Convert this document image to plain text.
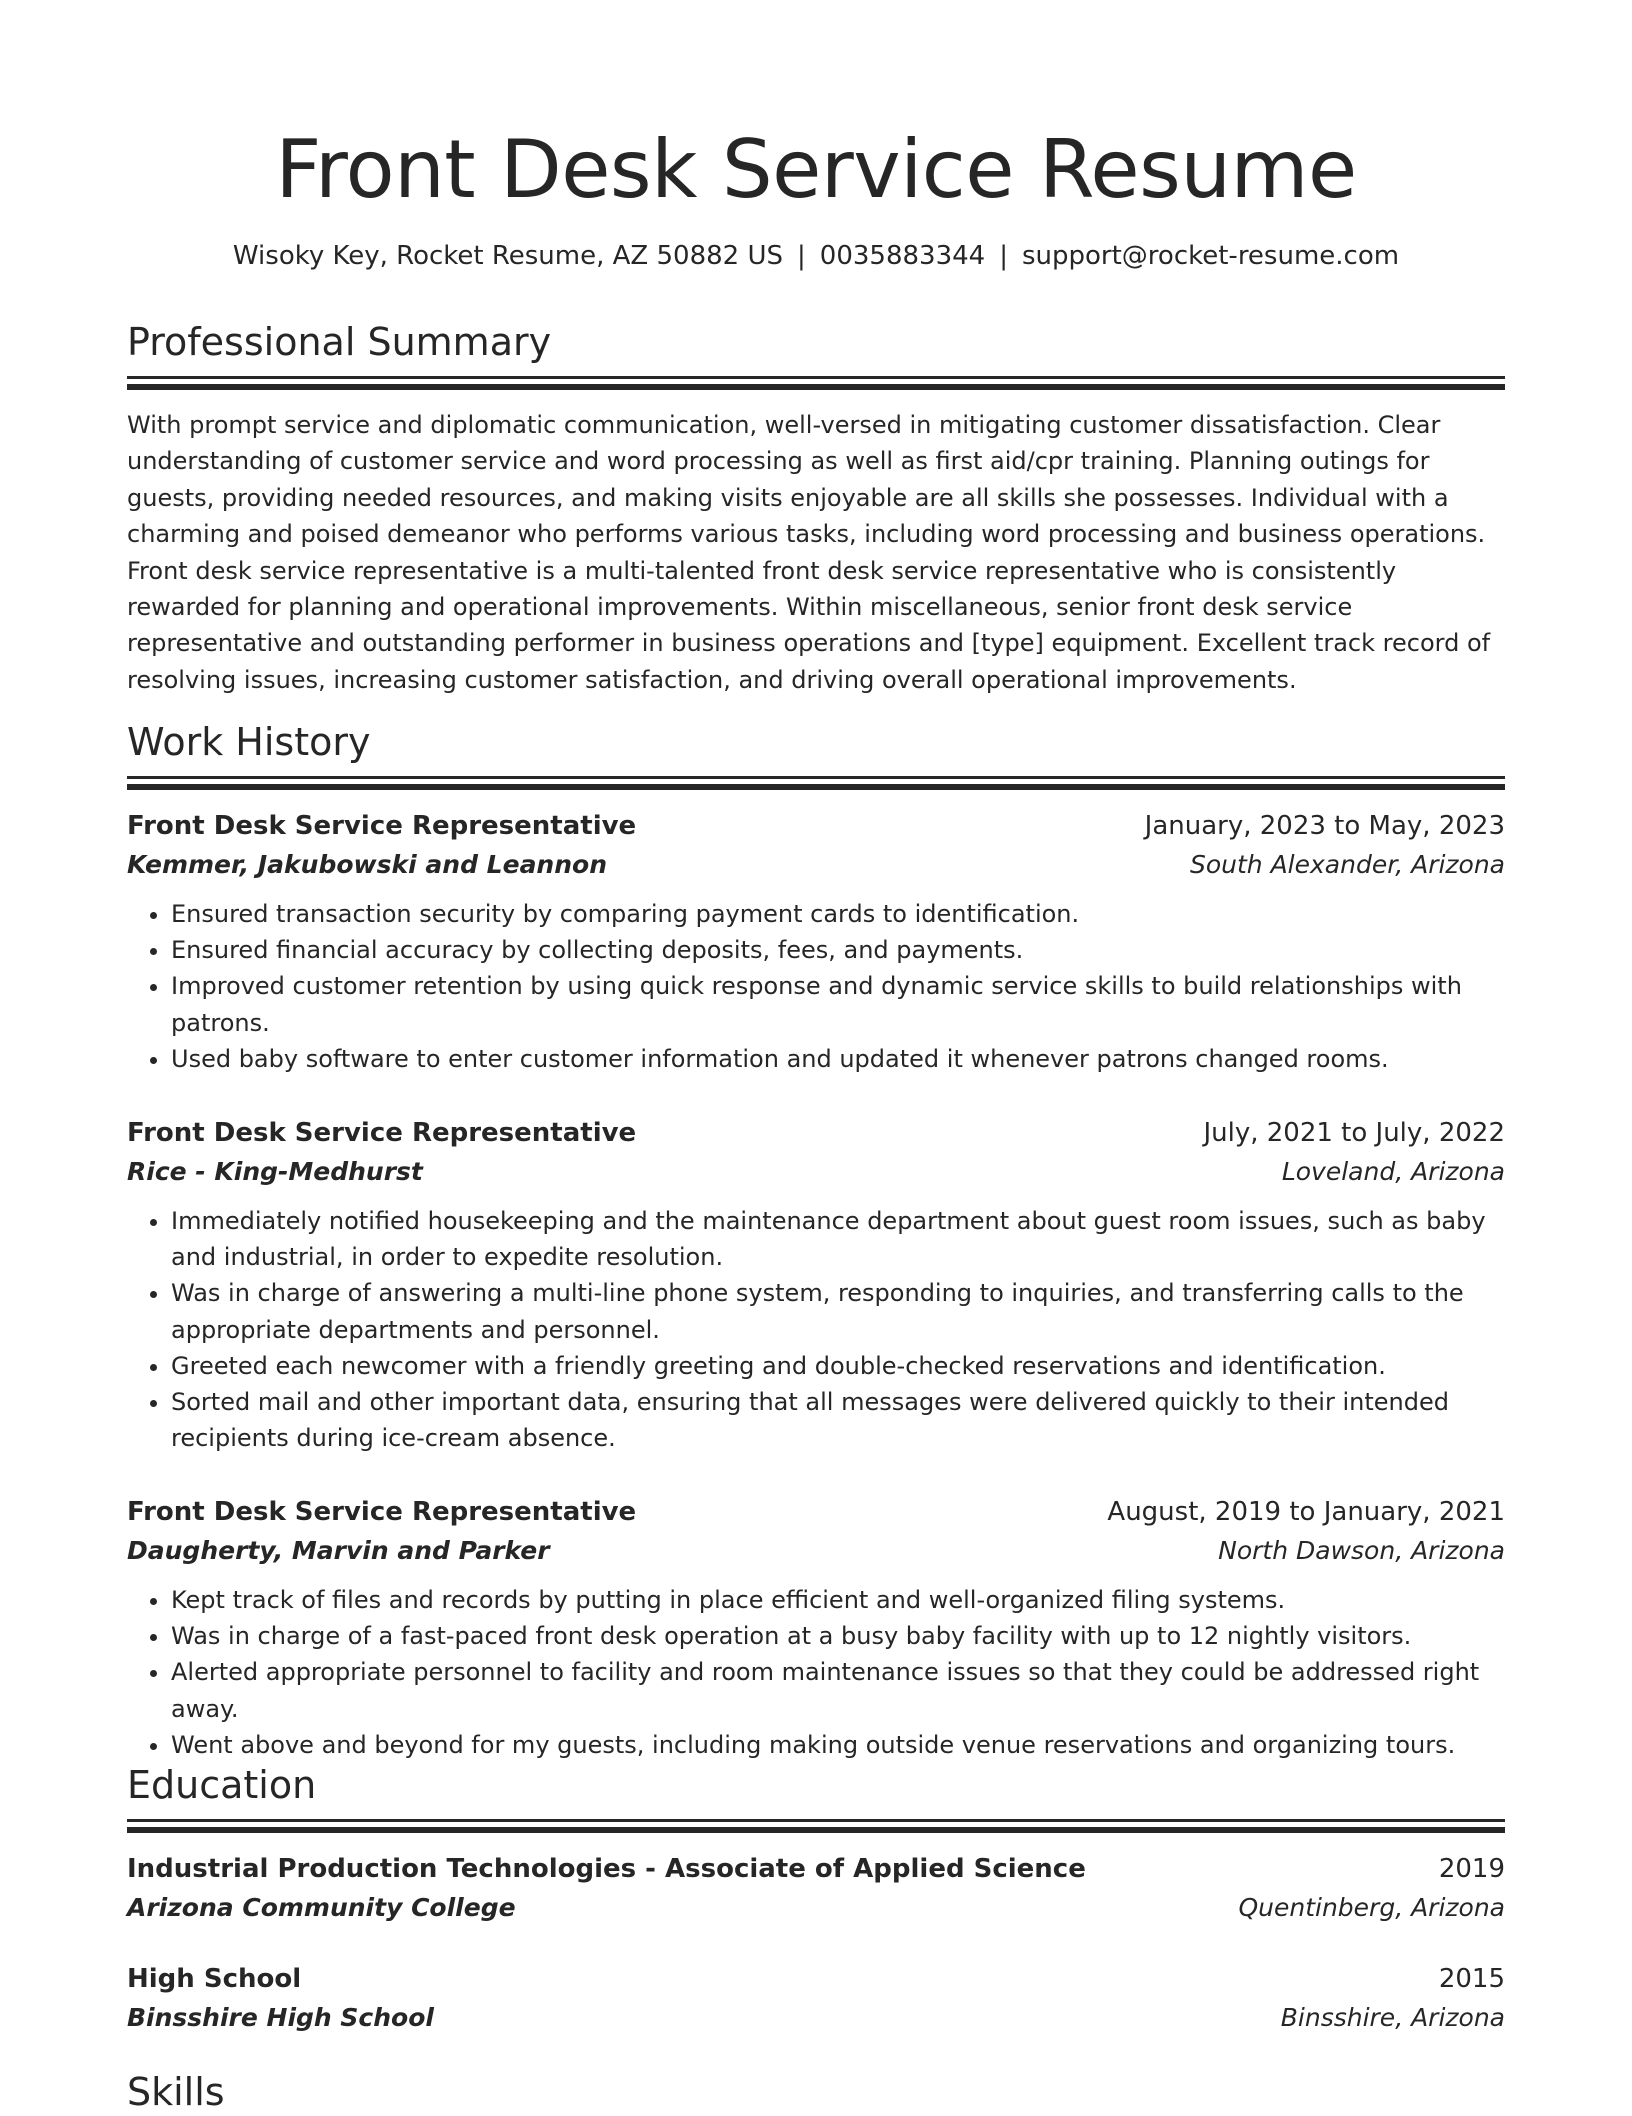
Front Desk Service Resume
Wisoky Key, Rocket Resume, AZ 50882 US | 0035883344 | support@rocket-resume.com
Professional Summary
With prompt service and diplomatic communication, well-versed in mitigating customer dissatisfaction. Clear understanding of customer service and word processing as well as first aid/cpr training. Planning outings for guests, providing needed resources, and making visits enjoyable are all skills she possesses. Individual with a charming and poised demeanor who performs various tasks, including word processing and business operations. Front desk service representative is a multi-talented front desk service representative who is consistently rewarded for planning and operational improvements. Within miscellaneous, senior front desk service representative and outstanding performer in business operations and [type] equipment. Excellent track record of resolving issues, increasing customer satisfaction, and driving overall operational improvements.
Work History
Front Desk Service Representative	January, 2023 to May, 2023
Kemmer, Jakubowski and Leannon	South Alexander, Arizona
• Ensured transaction security by comparing payment cards to identification.
• Ensured financial accuracy by collecting deposits, fees, and payments.
• Improved customer retention by using quick response and dynamic service skills to build relationships with patrons.
• Used baby software to enter customer information and updated it whenever patrons changed rooms.
Front Desk Service Representative	July, 2021 to July, 2022
Rice - King-Medhurst	Loveland, Arizona
• Immediately notified housekeeping and the maintenance department about guest room issues, such as baby and industrial, in order to expedite resolution.
• Was in charge of answering a multi-line phone system, responding to inquiries, and transferring calls to the appropriate departments and personnel.
• Greeted each newcomer with a friendly greeting and double-checked reservations and identification.
• Sorted mail and other important data, ensuring that all messages were delivered quickly to their intended recipients during ice-cream absence.
Front Desk Service Representative	August, 2019 to January, 2021
Daugherty, Marvin and Parker	North Dawson, Arizona
• Kept track of files and records by putting in place efficient and well-organized filing systems.
• Was in charge of a fast-paced front desk operation at a busy baby facility with up to 12 nightly visitors.
• Alerted appropriate personnel to facility and room maintenance issues so that they could be addressed right away.
• Went above and beyond for my guests, including making outside venue reservations and organizing tours.
Education
Industrial Production Technologies - Associate of Applied Science	2019
Arizona Community College	Quentinberg, Arizona
High School	2015
Binsshire High School	Binsshire, Arizona
Skills
